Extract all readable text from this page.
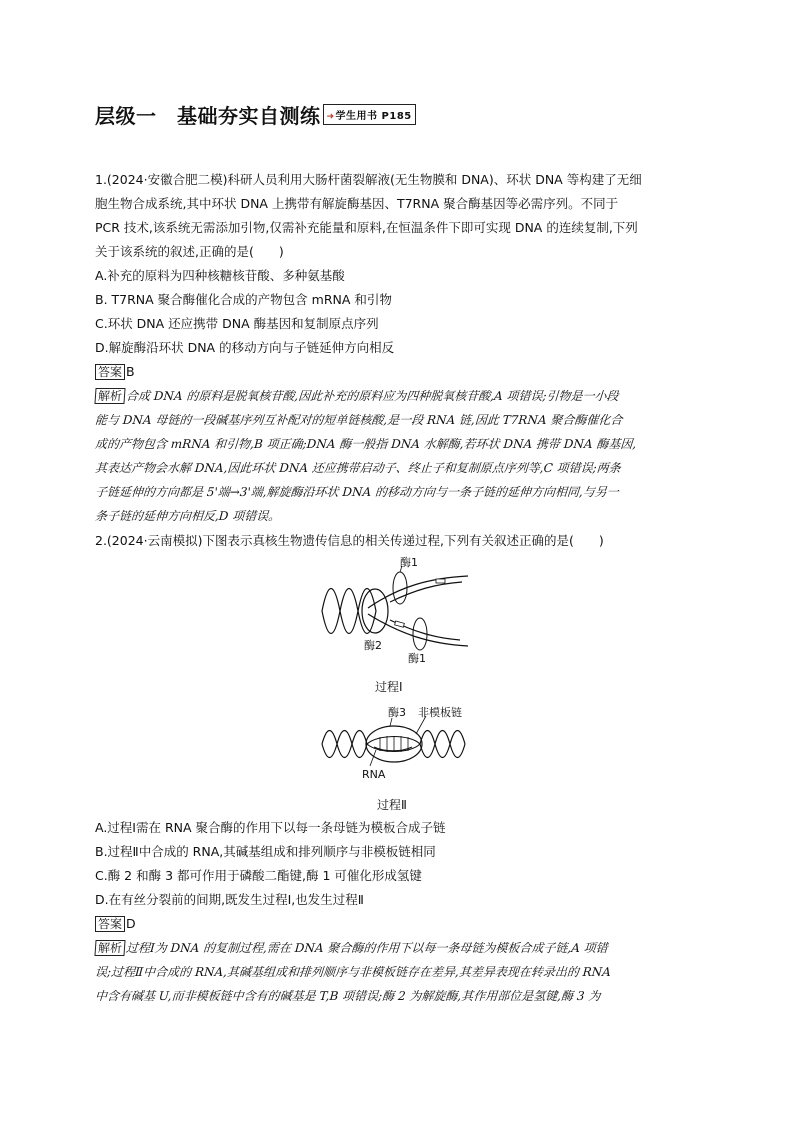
层级一　基础夯实自测练 ➜学生用书 P185
1.(2024·安徽合肥二模)科研人员利用大肠杆菌裂解液(无生物膜和 DNA)、环状 DNA 等构建了无细
胞生物合成系统,其中环状 DNA 上携带有解旋酶基因、T7RNA 聚合酶基因等必需序列。不同于
PCR 技术,该系统无需添加引物,仅需补充能量和原料,在恒温条件下即可实现 DNA 的连续复制,下列
关于该系统的叙述,正确的是(　　)
A.补充的原料为四种核糖核苷酸、多种氨基酸
B. T7RNA 聚合酶催化合成的产物包含 mRNA 和引物
C.环状 DNA 还应携带 DNA 酶基因和复制原点序列
D.解旋酶沿环状 DNA 的移动方向与子链延伸方向相反
答案 B
解析 合成 DNA 的原料是脱氧核苷酸,因此补充的原料应为四种脱氧核苷酸,A 项错误;引物是一小段
能与 DNA 母链的一段碱基序列互补配对的短单链核酸,是一段 RNA 链,因此 T7RNA 聚合酶催化合
成的产物包含 mRNA 和引物,B 项正确;DNA 酶一般指 DNA 水解酶,若环状 DNA 携带 DNA 酶基因,
其表达产物会水解 DNA,因此环状 DNA 还应携带启动子、终止子和复制原点序列等,C 项错误;两条
子链延伸的方向都是 5'端→3'端,解旋酶沿环状 DNA 的移动方向与一条子链的延伸方向相同,与另一
条子链的延伸方向相反,D 项错误。
2.(2024·云南模拟)下图表示真核生物遗传信息的相关传递过程,下列有关叙述正确的是(　　)
酶1
酶2
酶1
过程Ⅰ
酶3 非模板链
RNA
过程Ⅱ
A.过程Ⅰ需在 RNA 聚合酶的作用下以每一条母链为模板合成子链
B.过程Ⅱ中合成的 RNA,其碱基组成和排列顺序与非模板链相同
C.酶 2 和酶 3 都可作用于磷酸二酯键,酶 1 可催化形成氢键
D.在有丝分裂前的间期,既发生过程Ⅰ,也发生过程Ⅱ
答案 D
解析 过程Ⅰ为 DNA 的复制过程,需在 DNA 聚合酶的作用下以每一条母链为模板合成子链,A 项错
误;过程Ⅱ中合成的 RNA,其碱基组成和排列顺序与非模板链存在差异,其差异表现在转录出的 RNA
中含有碱基 U,而非模板链中含有的碱基是 T,B 项错误;酶 2 为解旋酶,其作用部位是氢键,酶 3 为
